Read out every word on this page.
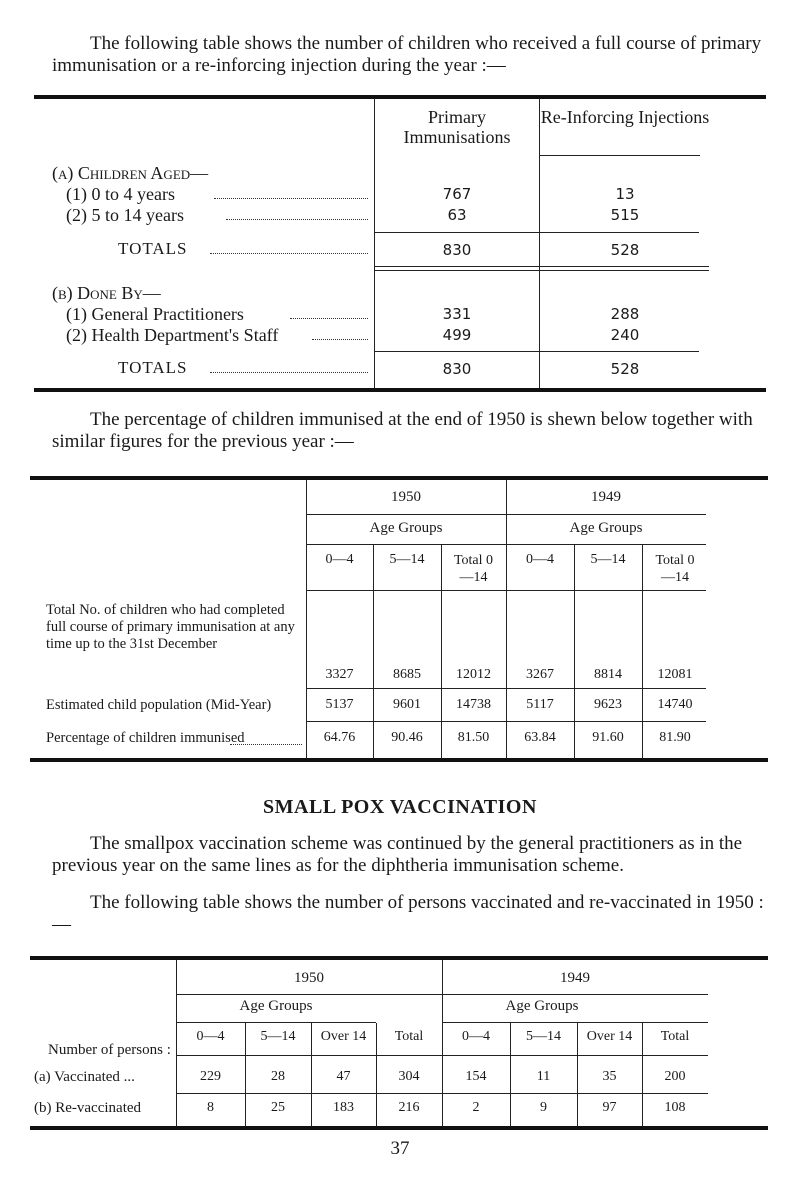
The following table shows the number of children who received a full course of primary immunisation or a re-inforcing injection during the year :—

Primary Immunisations
Re-Inforcing Injections
(a) Children Aged—
(1) 0 to 4 years	767	13
(2) 5 to 14 years	63	515
TOTALS	830	528
(b) Done By—
(1) General Practitioners	331	288
(2) Health Department's Staff	499	240
TOTALS	830	528

The percentage of children immunised at the end of 1950 is shewn below together with similar figures for the previous year :—

1950	1949
Age Groups	Age Groups
0—4	5—14	Total 0—14
0—4	5—14	Total 0—14
Total No. of children who had completed full course of primary immunisation at any time up to the 31st December
3327	8685	12012	3267	8814	12081
Estimated child population (Mid-Year)	5137	9601	14738	5117	9623	14740
Percentage of children immunised	64.76	90.46	81.50	63.84	91.60	81.90
SMALL POX VACCINATION

The smallpox vaccination scheme was continued by the general practitioners as in the previous year on the same lines as for the diphtheria immunisation scheme.

The following table shows the number of persons vaccinated and re-vaccinated in 1950 :—

1950	1949
Age Groups	Age Groups
Number of persons :
0—4	5—14	Over 14	Total	0—4	5—14	Over 14	Total
(a) Vaccinated ...	229	28	47	304	154	11	35	200
(b) Re-vaccinated	8	25	183	216	2	9	97	108
37
